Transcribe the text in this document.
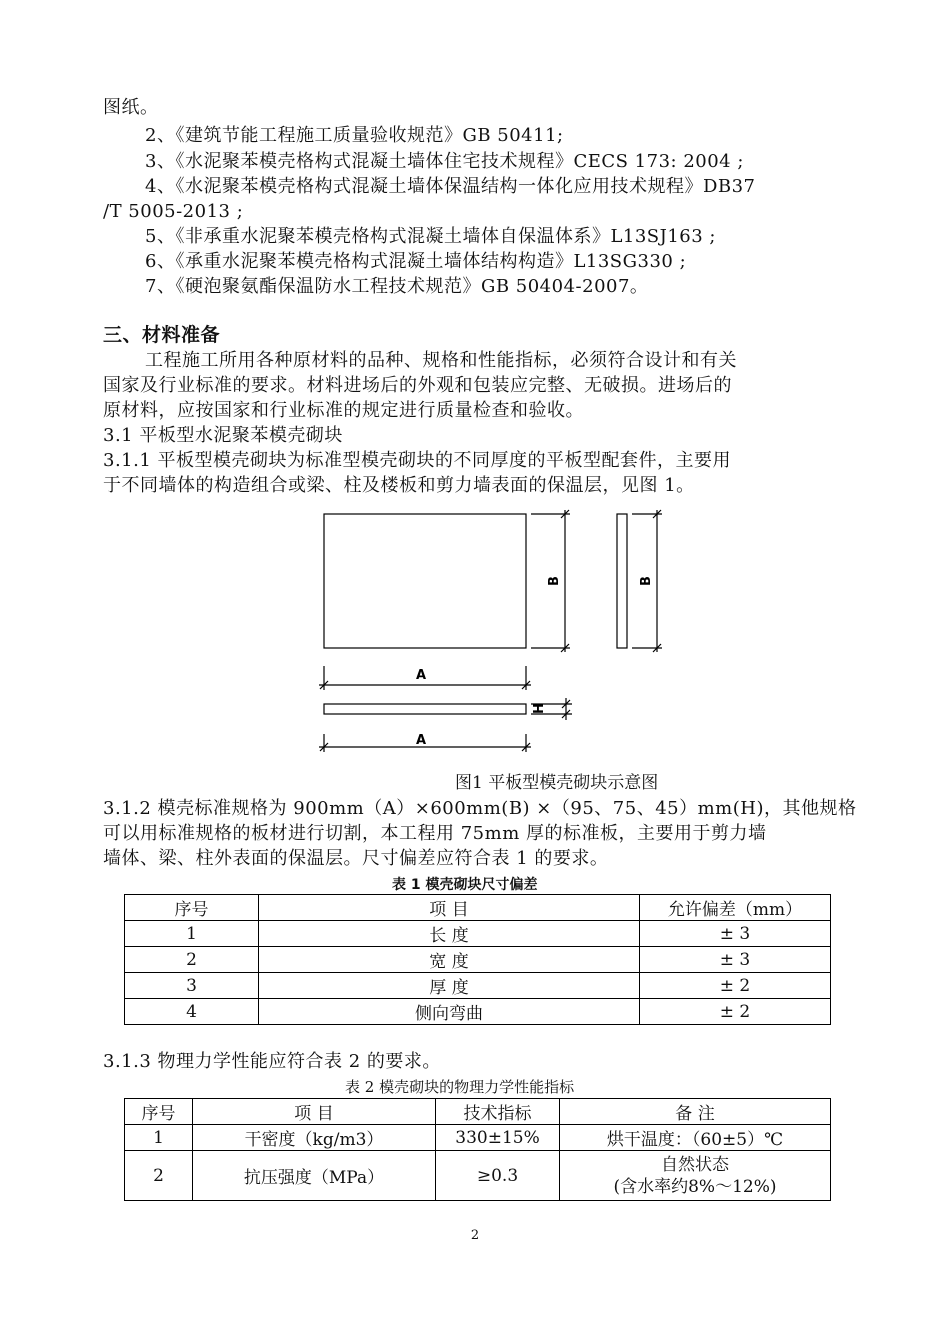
图纸。
2、《建筑节能工程施工质量验收规范》GB 50411;
3、《水泥聚苯模壳格构式混凝土墙体住宅技术规程》CECS 173: 2004 ;
4、《水泥聚苯模壳格构式混凝土墙体保温结构一体化应用技术规程》DB37
/T 5005-2013 ;
5、《非承重水泥聚苯模壳格构式混凝土墙体自保温体系》L13SJ163 ;
6、《承重水泥聚苯模壳格构式混凝土墙体结构构造》L13SG330 ;
7、《硬泡聚氨酯保温防水工程技术规范》GB 50404-2007。
三、材料准备
工程施工所用各种原材料的品种、规格和性能指标，必须符合设计和有关
国家及行业标准的要求。材料进场后的外观和包装应完整、无破损。进场后的
原材料，应按国家和行业标准的规定进行质量检查和验收。
3.1 平板型水泥聚苯模壳砌块
3.1.1 平板型模壳砌块为标准型模壳砌块的不同厚度的平板型配套件，主要用
于不同墙体的构造组合或梁、柱及楼板和剪力墙表面的保温层，见图 1。
A
A
B	B
H
图1 平板型模壳砌块示意图
3.1.2 模壳标准规格为 900mm（A）×600mm(B) ×（95、75、45）mm(H)，其他规格
可以用标准规格的板材进行切割，本工程用 75mm 厚的标准板，主要用于剪力墙
墙体、梁、柱外表面的保温层。尺寸偏差应符合表 1 的要求。
表 1 模壳砌块尺寸偏差
序号	项 目	允许偏差（mm）
1	长 度	± 3
2	宽 度	± 3
3	厚 度	± 2
4	侧向弯曲	± 2
3.1.3 物理力学性能应符合表 2 的要求。
表 2 模壳砌块的物理力学性能指标
序号	项 目	技术指标	备 注
1	干密度（kg/m3）	330±15%	烘干温度：（60±5）℃
2	抗压强度（MPa）	≥0.3	自然状态
(含水率约8%～12%)
2
